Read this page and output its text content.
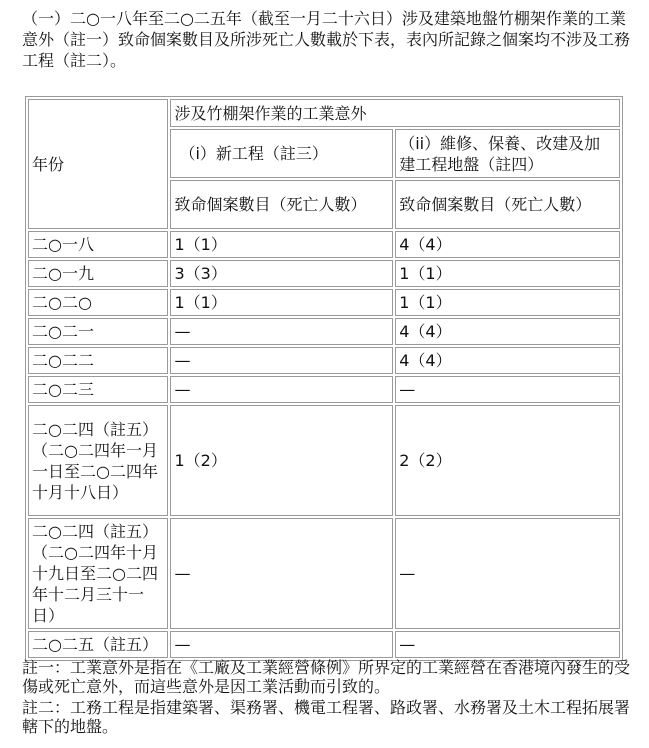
（一）二○一八年至二○二五年（截至一月二十六日）涉及建築地盤竹棚架作業的工業意外（註一）致命個案數目及所涉死亡人數載於下表，表內所記錄之個案均不涉及工務工程（註二）。

年份	涉及竹棚架作業的工業意外	
	（i）新工程（註三）	（ii）維修、保養、改建及加建工程地盤（註四）
	致命個案數目（死亡人數）	致命個案數目（死亡人數）
二○一八	1（1）	4（4）
二○一九	3（3）	1（1）
二○二○	1（1）	1（1）
二○二一	—	4（4）
二○二二	—	4（4）
二○二三	—	—
二○二四（註五）（二○二四年一月一日至二○二四年十月十八日）	1（2）	2（2）
二○二四（註五）（二○二四年十月十九日至二○二四年十二月三十一日）	—	—
二○二五（註五）	—	—

註一：工業意外是指在《工廠及工業經營條例》所界定的工業經營在香港境內發生的受傷或死亡意外，而這些意外是因工業活動而引致的。

註二：工務工程是指建築署、渠務署、機電工程署、路政署、水務署及土木工程拓展署轄下的地盤。
